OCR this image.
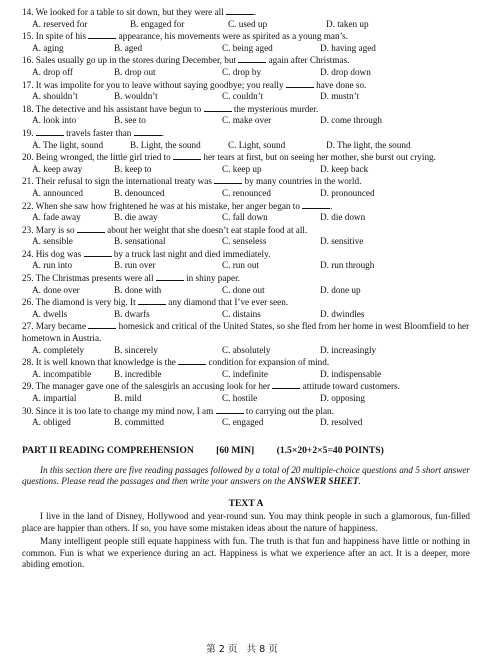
14. We looked for a table to sit down, but they were all	.
A. reserved for	B. engaged for	C. used up	D. taken up
15. In spite of his	appearance, his movements were as spirited as a young man’s.
A. aging	B. aged	C. being aged	D. having aged
16. Sales usually go up in the stores during December, but	again after Christmas.
A. drop off	B. drop out	C. drop by	D. drop down
17. It was impolite for you to leave without saying goodbye; you really	have done so.
A. shouldn’t	B. wouldn’t	C. couldn’t	D. mustn’t
18. The detective and his assistant have begun to	the mysterious murder.
A. look into	B. see to	C. make over	D. come through
19.	travels faster than	.
A. The light, sound	B. Light, the sound	C. Light, sound	D. The light, the sound
20. Being wronged, the little girl tried to	her tears at first, but on seeing her mother, she burst out crying.
A. keep away	B. keep to	C. keep up	D. keep back
21. Their refusal to sign the international treaty was	by many countries in the world.
A. announced	B. denounced	C. renounced	D. pronounced
22. When she saw how frightened he was at his mistake, her anger began to	.
A. fade away	B. die away	C. fall down	D. die down
23. Mary is so	about her weight that she doesn’t eat staple food at all.
A. sensible	B. sensational	C. senseless	D. sensitive
24. His dog was	by a truck last night and died immediately.
A. run into	B. run over	C. run out	D. run through
25. The Christmas presents were all	in shiny paper.
A. done over	B. done with	C. done out	D. done up
26. The diamond is very big. It	any diamond that I’ve ever seen.
A. dwells	B. dwarfs	C. distains	D. dwindles
27. Mary became	homesick and critical of the United States, so she fled from her home in west Bloomfield to her hometown in Austria.
A. completely	B. sincerely	C. absolutely	D. increasingly
28. It is well known that knowledge is the	condition for expansion of mind.
A. incompatible B. incredible	C. indefinite	D. indispensable
29. The manager gave one of the salesgirls an accusing look for her	attitude toward customers.
A. impartial	B. mild	C. hostile	D. opposing
30. Since it is too late to change my mind now, I am	to carrying out the plan.
A. obliged	B. committed	C. engaged	D. resolved
PART II READING COMPREHENSION [60 MIN] (1.5×20+2×5=40 POINTS)
In this section there are five reading passages followed by a total of 20 multiple-choice questions and 5 short answer questions. Please read the passages and then write your answers on the ANSWER SHEET.
TEXT A
I live in the land of Disney, Hollywood and year-round sun. You may think people in such a glamorous, fun-filled place are happier than others. If so, you have some mistaken ideas about the nature of happiness.
Many intelligent people still equate happiness with fun. The truth is that fun and happiness have little or nothing in common. Fun is what we experience during an act. Happiness is what we experience after an act. It is a deeper, more abiding emotion.
第 2 页 共 8 页
